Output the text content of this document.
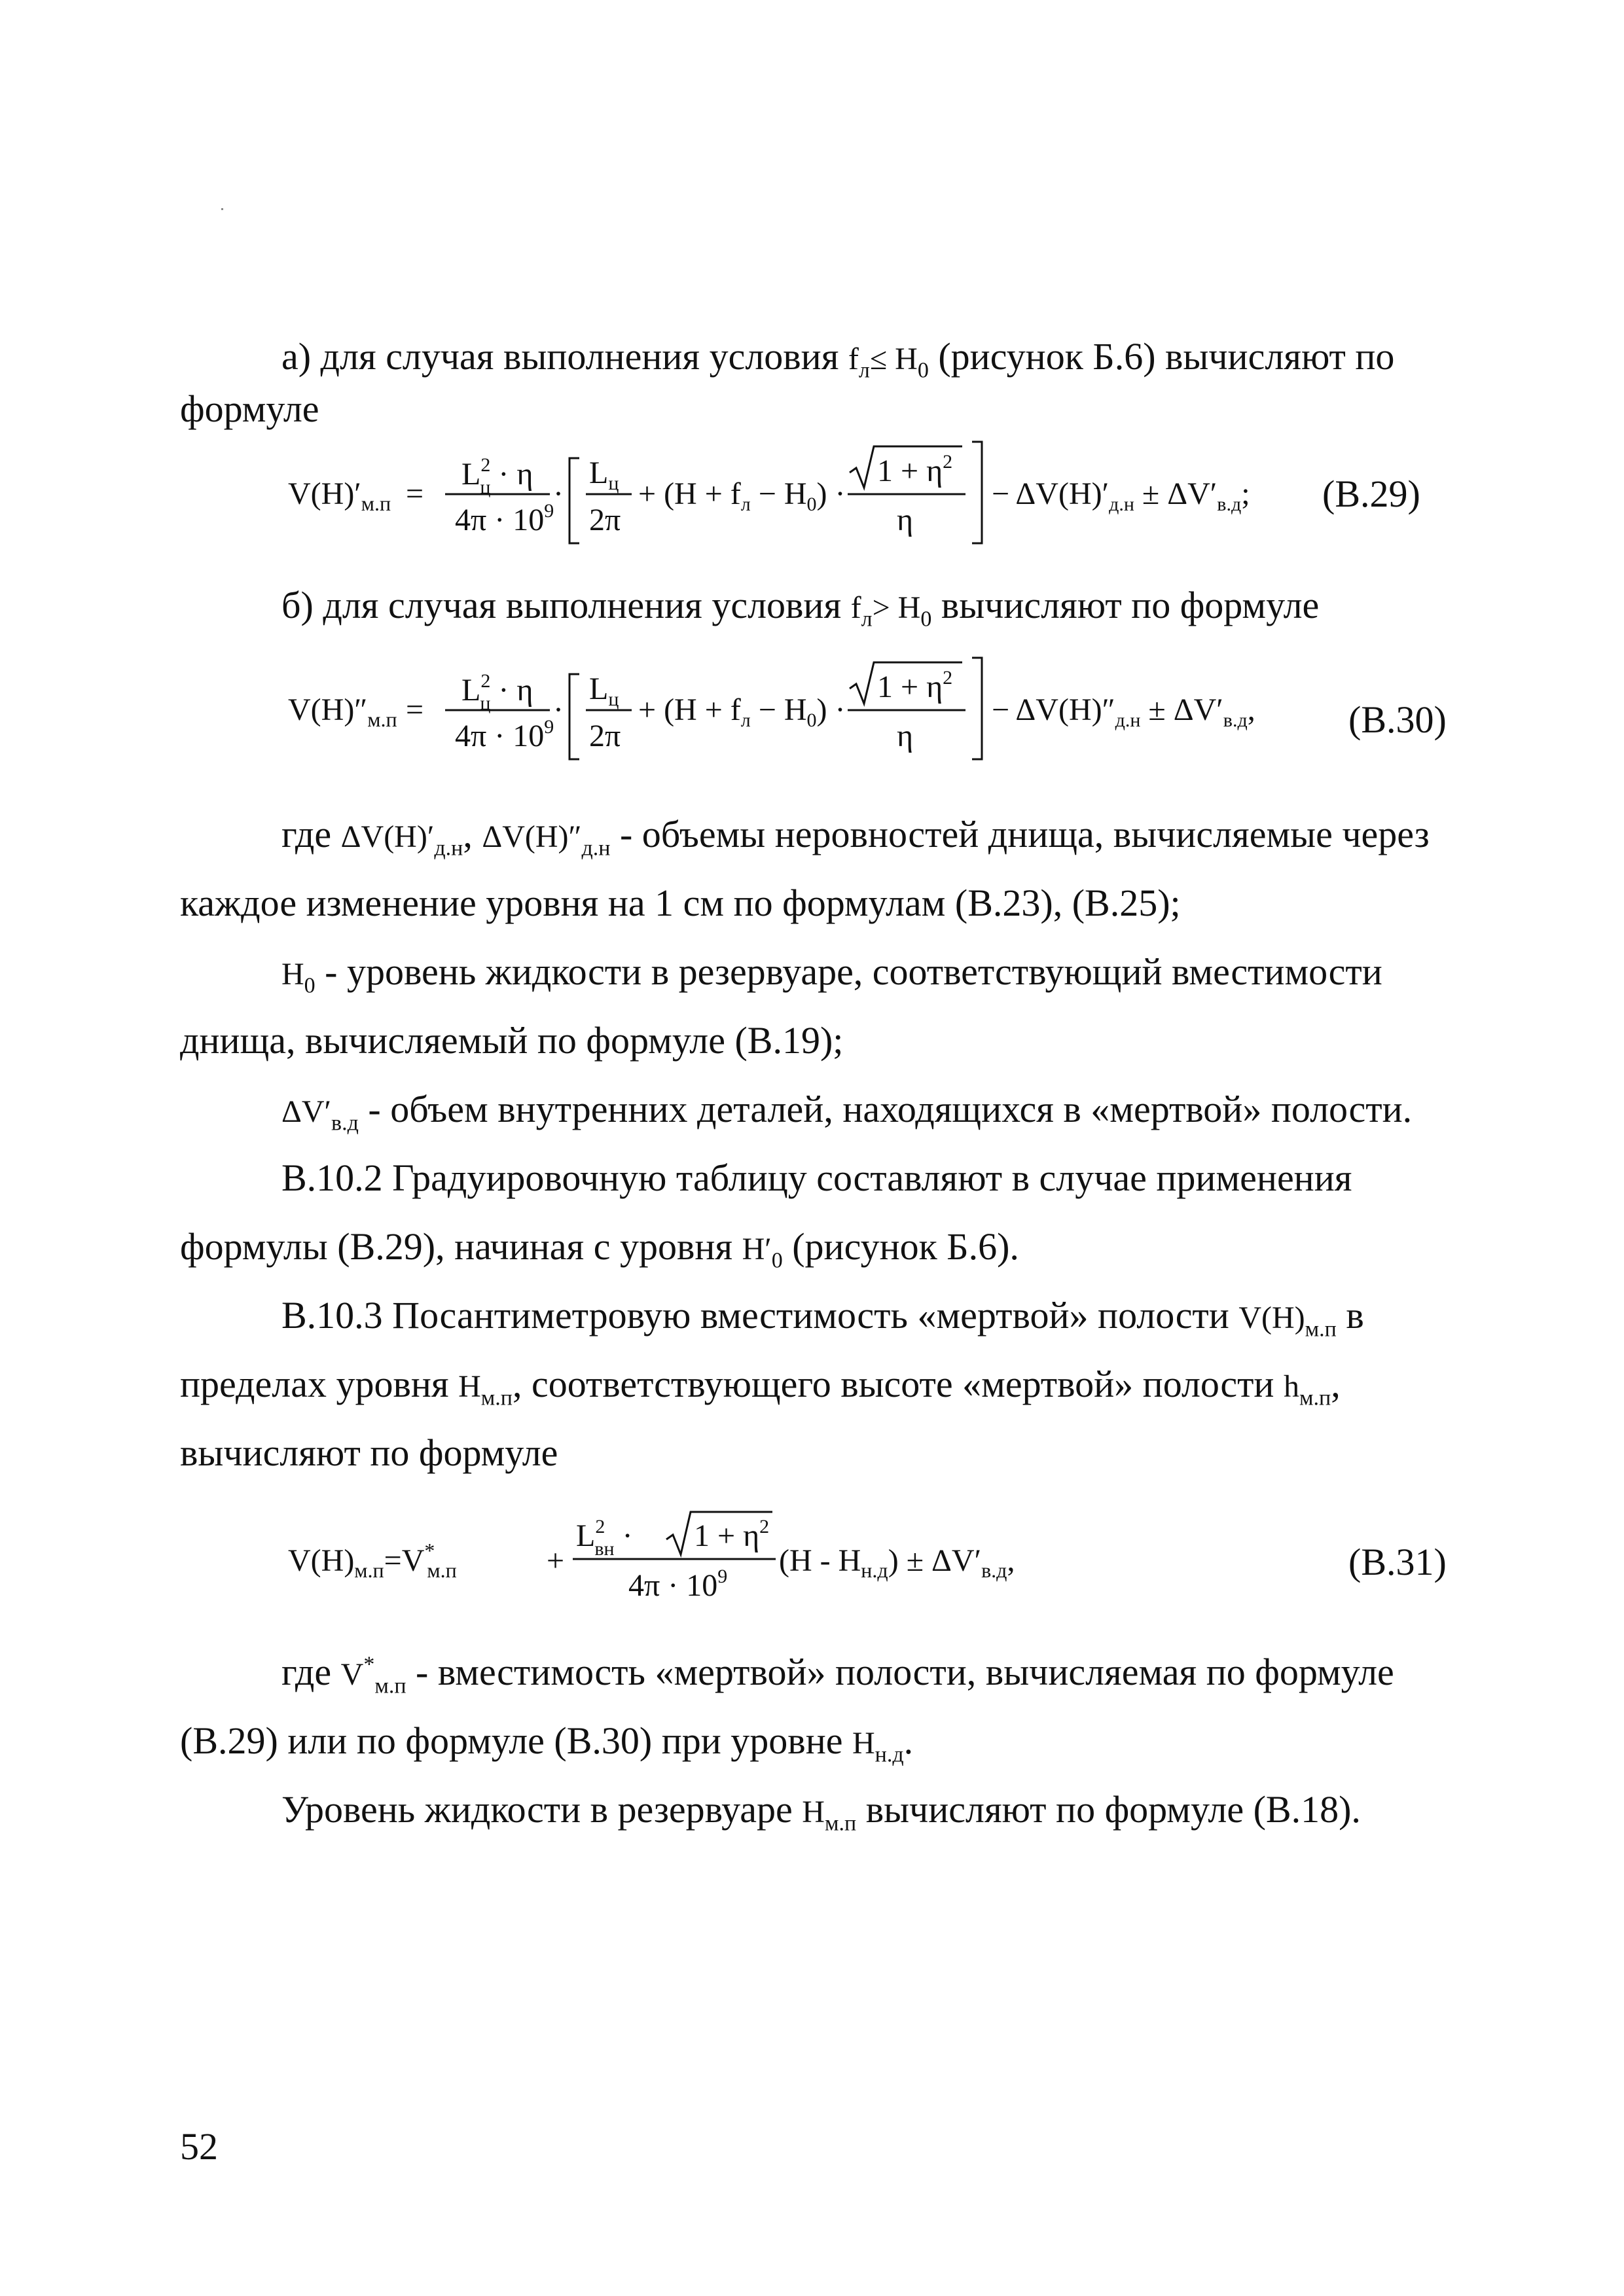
а) для случая выполнения условия $f_л\le H_0$ (рисунок Б.6) вычисляют по
формуле
$V(H)'_{м.п}$ =
$L^2$ ц · η
$4\pi \cdot 10^9$
·
$L_ц$
2π
+ $(H + f_л - H_0)$ ·
$1 + \eta^2$
η
− $\Delta V(H)'_{д.н} \pm \Delta V'_{в.д}$; (В.29)
б) для случая выполнения условия $f_л> H_0$ вычисляют по формуле
$V(H)''_{м.п}$ =
$L^2$ ц · η
$4\pi \cdot 10^9$
·
$L_ц$
2π
+ $(H + f_л - H_0)$ ·
$1 + \eta^2$
η
− $\Delta V(H)''_{д.н} \pm \Delta V'_{в.д}$, (В.30)
где $\Delta V(H)'_{д.н}$, $\Delta V(H)''_{д.н}$ - объемы неровностей днища, вычисляемые через
каждое изменение уровня на 1 см по формулам (В.23), (В.25);
$H_0$ - уровень жидкости в резервуаре, соответствующий вместимости
днища, вычисляемый по формуле (В.19);
$\Delta V'_{в.д}$ - объем внутренних деталей, находящихся в «мертвой» полости.
В.10.2 Градуировочную таблицу составляют в случае применения
формулы (В.29), начиная с уровня $H'_0$ (рисунок Б.6).
В.10.3 Посантиметровую вместимость «мертвой» полости $V(H)_{м.п}$ в
пределах уровня $H_{м.п}$, соответствующего высоте «мертвой» полости $h_{м.п}$,
вычисляют по формуле
$V(H)_{м.п}=V^*$ м.п	+
$L^2$ вн · $1 + \eta^2$
$4\pi \cdot 10^9$ $(H - H_{н.д}) \pm \Delta V'_{в.д}$,	(В.31)
где $V^*_{м.п}$ - вместимость «мертвой» полости, вычисляемая по формуле
(В.29) или по формуле (В.30) при уровне $H_{н.д}$.
Уровень жидкости в резервуаре $H_{м.п}$ вычисляют по формуле (В.18).
52
